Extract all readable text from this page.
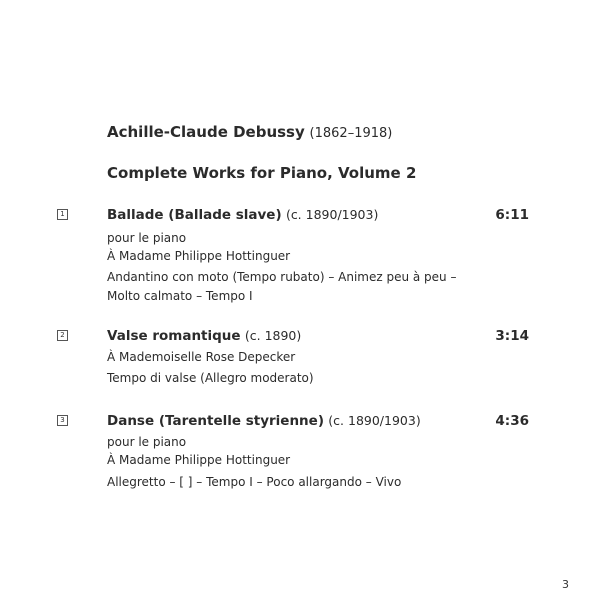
Achille-Claude Debussy (1862–1918)
Complete Works for Piano, Volume 2
1	Ballade (Ballade slave) (c. 1890/1903)	6:11
pour le piano
À Madame Philippe Hottinguer
Andantino con moto (Tempo rubato) – Animez peu à peu –
Molto calmato – Tempo I
2	Valse romantique (c. 1890)	3:14
À Mademoiselle Rose Depecker
Tempo di valse (Allegro moderato)
3	Danse (Tarentelle styrienne) (c. 1890/1903)	4:36
pour le piano
À Madame Philippe Hottinguer
Allegretto – [ ] – Tempo I – Poco allargando – Vivo
3
